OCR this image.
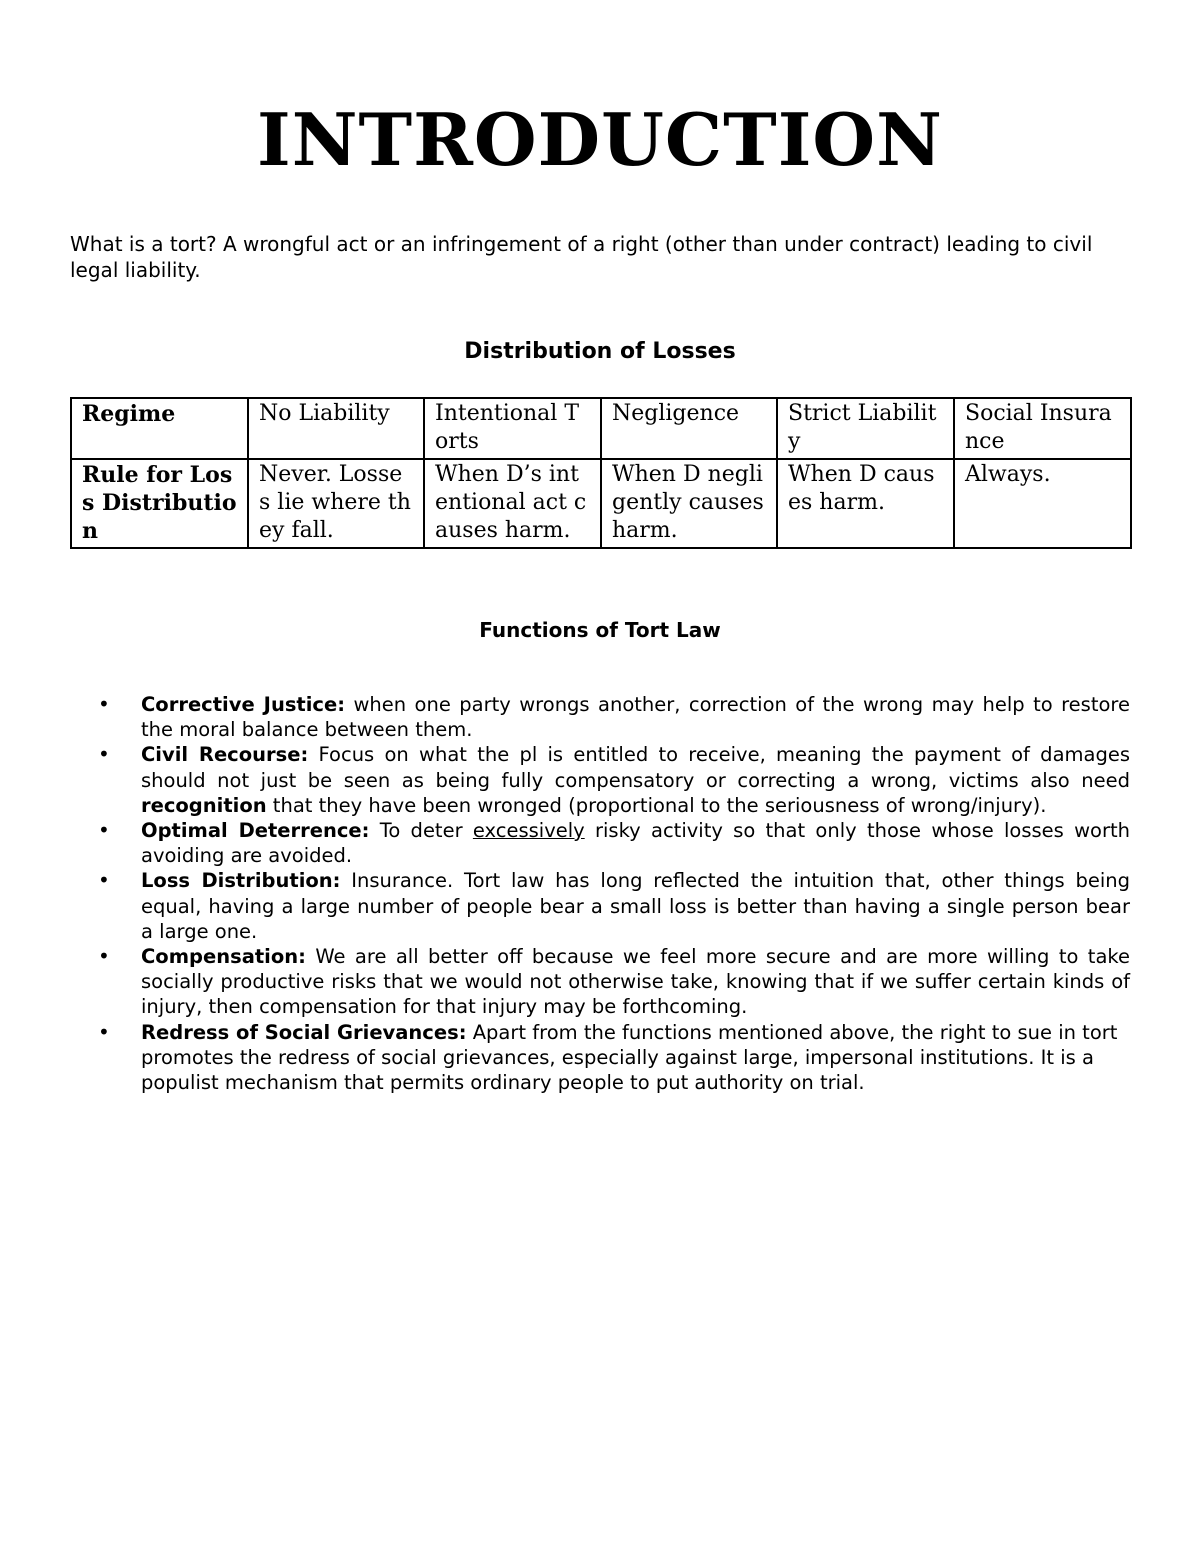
INTRODUCTION

What is a tort? A wrongful act or an infringement of a right (other than under contract) leading to civil legal liability.

Distribution of Losses
Regime	No Liability	Intentional Torts	Negligence	Strict Liability	Social Insurance
Rule for Loss Distribution	Never. Losses lie where they fall.	When D’s intentional act causes harm.	When D negligently causes harm.	When D causes harm.	Always.
Functions of Tort Law
• Corrective Justice: when one party wrongs another, correction of the wrong may help to restore the moral balance between them.
• Civil Recourse: Focus on what the pl is entitled to receive, meaning the payment of damages should not just be seen as being fully compensatory or correcting a wrong, victims also need recognition that they have been wronged (proportional to the seriousness of wrong/injury).
• Optimal Deterrence: To deter excessively risky activity so that only those whose losses worth avoiding are avoided.
• Loss Distribution: Insurance. Tort law has long reflected the intuition that, other things being equal, having a large number of people bear a small loss is better than having a single person bear a large one.
• Compensation: We are all better off because we feel more secure and are more willing to take socially productive risks that we would not otherwise take, knowing that if we suffer certain kinds of injury, then compensation for that injury may be forthcoming.
• Redress of Social Grievances: Apart from the functions mentioned above, the right to sue in tort promotes the redress of social grievances, especially against large, impersonal institutions. It is a populist mechanism that permits ordinary people to put authority on trial.
